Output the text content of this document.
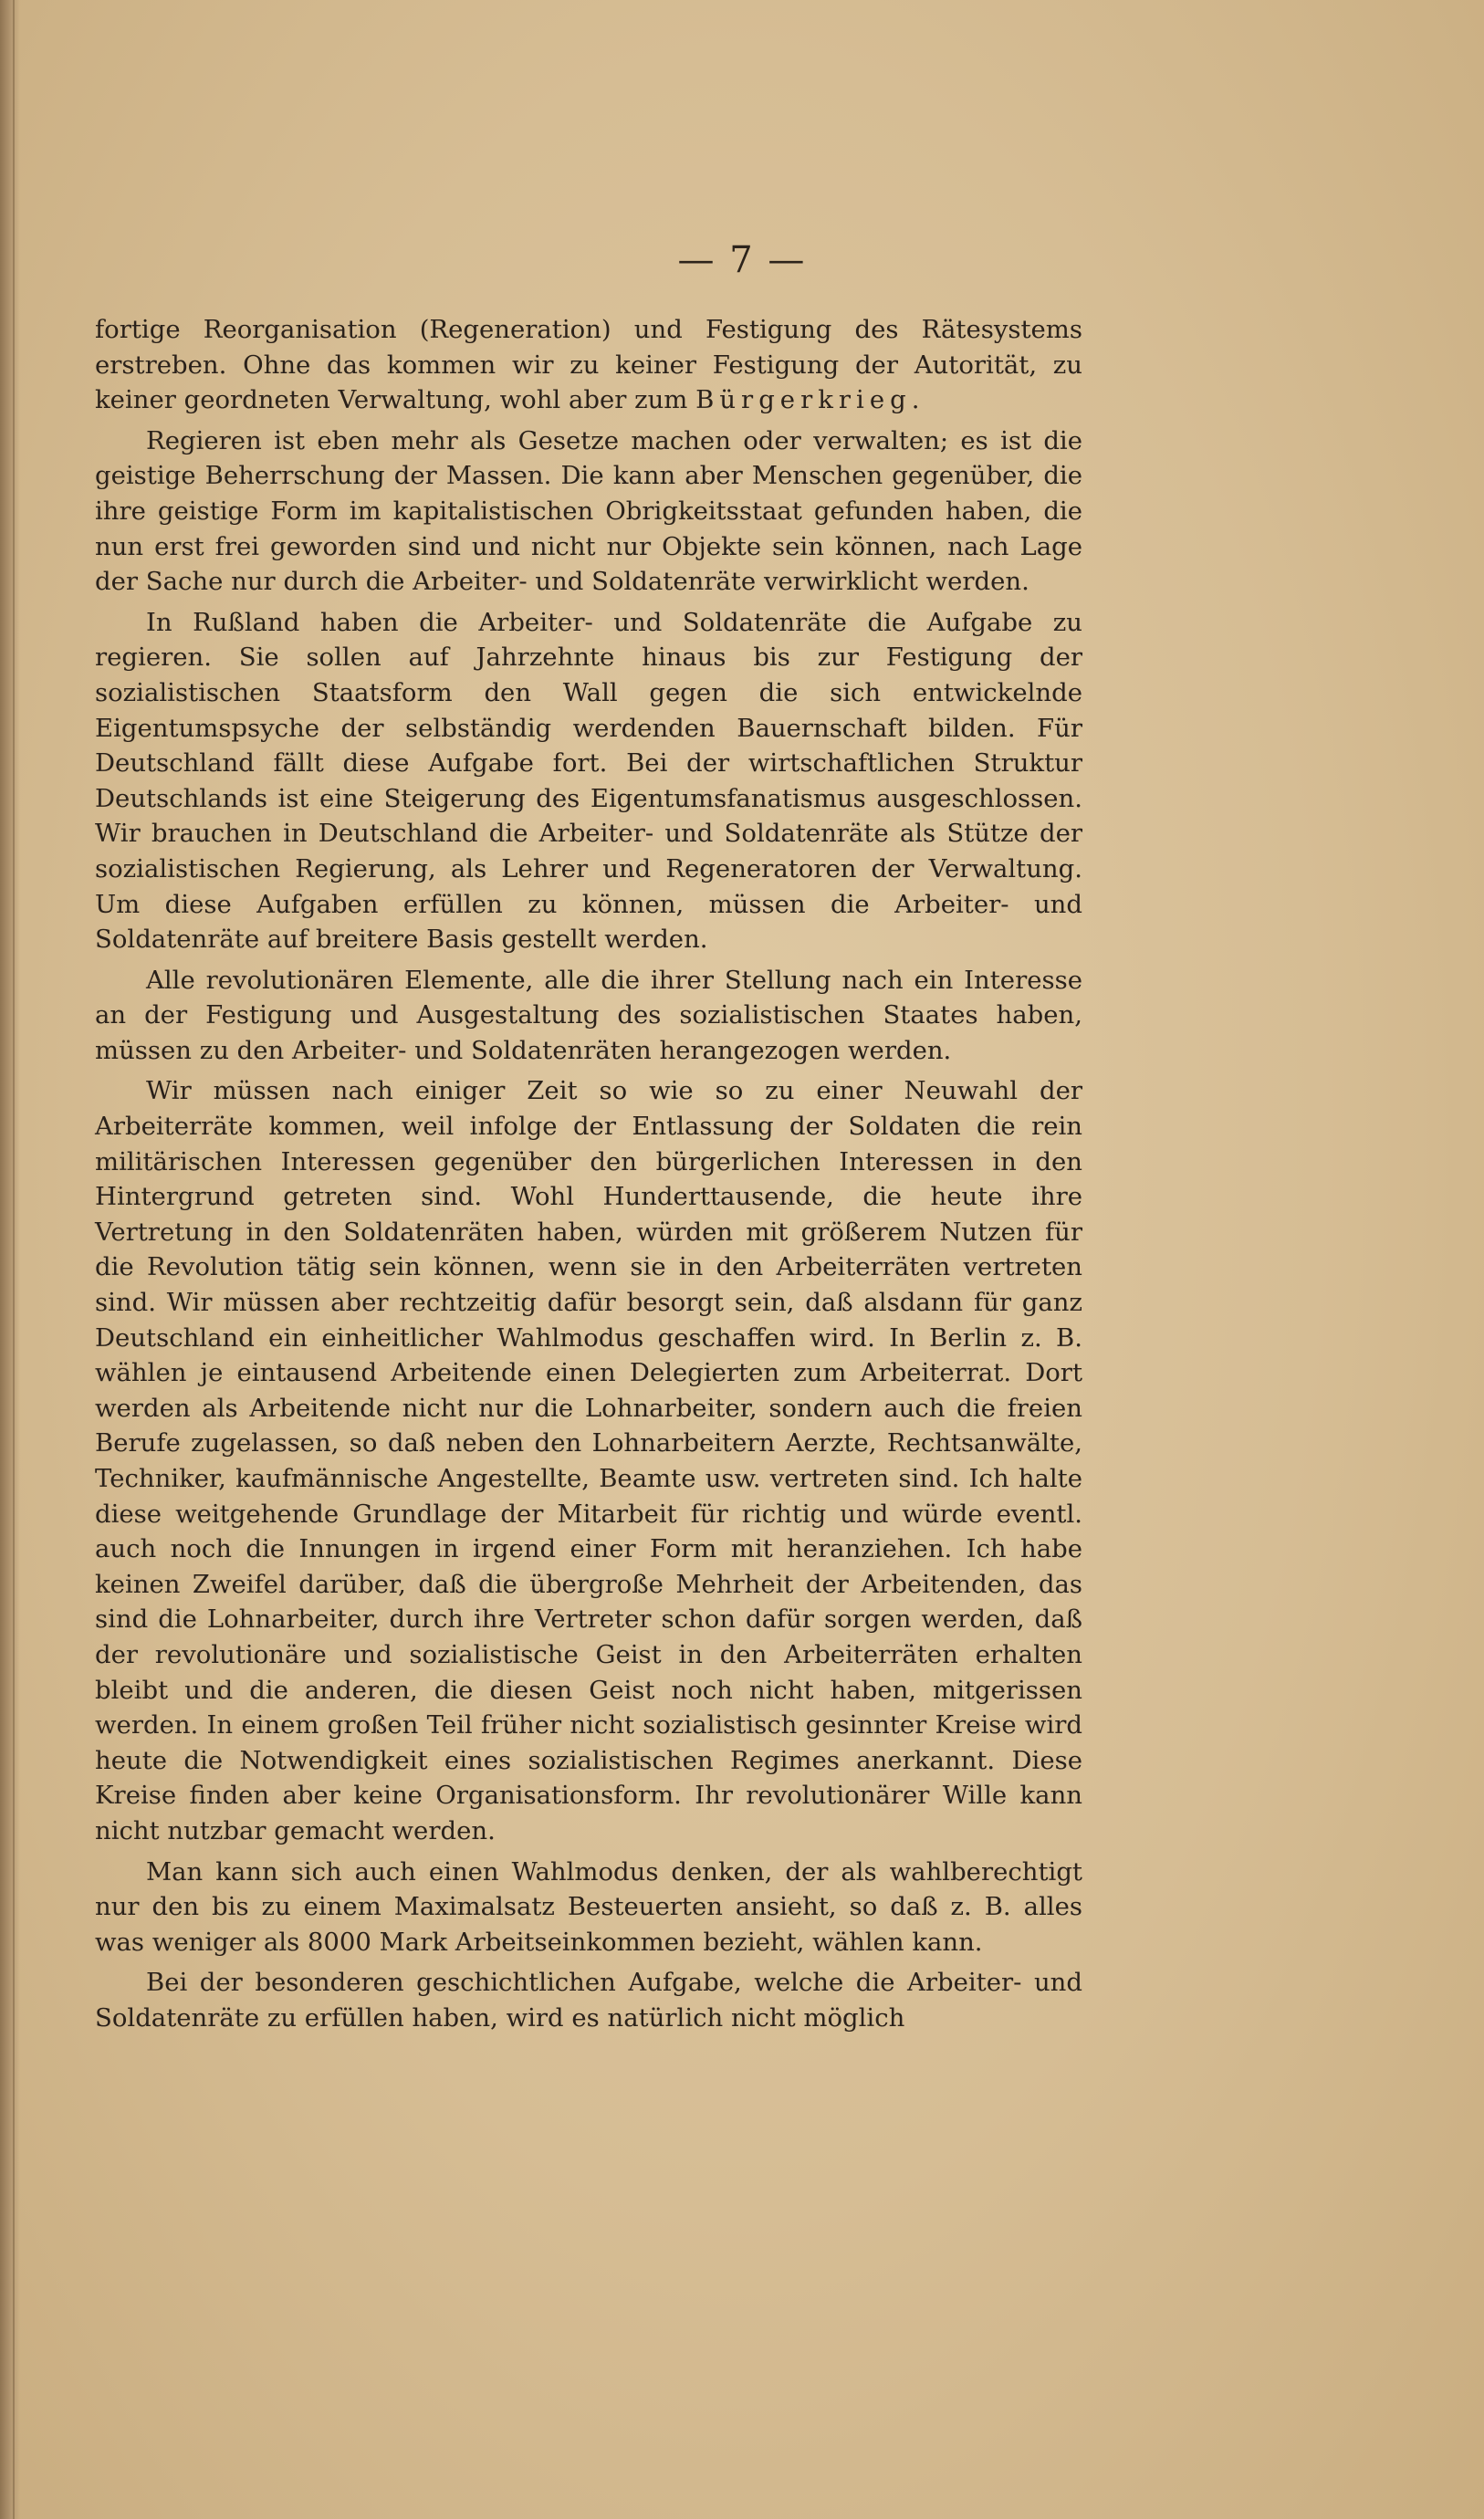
— 7 —

fortige Reorganisation (Regeneration) und Festigung des Rätesystems erstreben. Ohne das kommen wir zu keiner Festigung der Autorität, zu keiner geordneten Verwaltung, wohl aber zum Bürgerkrieg.

Regieren ist eben mehr als Gesetze machen oder verwalten; es ist die geistige Beherrschung der Massen. Die kann aber Menschen gegenüber, die ihre geistige Form im kapitalistischen Obrigkeitsstaat gefunden haben, die nun erst frei geworden sind und nicht nur Objekte sein können, nach Lage der Sache nur durch die Arbeiter- und Soldatenräte verwirklicht werden.

In Rußland haben die Arbeiter- und Soldatenräte die Aufgabe zu regieren. Sie sollen auf Jahrzehnte hinaus bis zur Festigung der sozialistischen Staatsform den Wall gegen die sich entwickelnde Eigentumspsyche der selbständig werdenden Bauernschaft bilden. Für Deutschland fällt diese Aufgabe fort. Bei der wirtschaftlichen Struktur Deutschlands ist eine Steigerung des Eigentumsfanatismus ausgeschlossen. Wir brauchen in Deutschland die Arbeiter- und Soldatenräte als Stütze der sozialistischen Regierung, als Lehrer und Regeneratoren der Verwaltung. Um diese Aufgaben erfüllen zu können, müssen die Arbeiter- und Soldatenräte auf breitere Basis gestellt werden.

Alle revolutionären Elemente, alle die ihrer Stellung nach ein Interesse an der Festigung und Ausgestaltung des sozialistischen Staates haben, müssen zu den Arbeiter- und Soldatenräten herangezogen werden.

Wir müssen nach einiger Zeit so wie so zu einer Neuwahl der Arbeiterräte kommen, weil infolge der Entlassung der Soldaten die rein militärischen Interessen gegenüber den bürgerlichen Interessen in den Hintergrund getreten sind. Wohl Hunderttausende, die heute ihre Vertretung in den Soldatenräten haben, würden mit größerem Nutzen für die Revolution tätig sein können, wenn sie in den Arbeiterräten vertreten sind. Wir müssen aber rechtzeitig dafür besorgt sein, daß alsdann für ganz Deutschland ein einheitlicher Wahlmodus geschaffen wird. In Berlin z. B. wählen je eintausend Arbeitende einen Delegierten zum Arbeiterrat. Dort werden als Arbeitende nicht nur die Lohnarbeiter, sondern auch die freien Berufe zugelassen, so daß neben den Lohnarbeitern Aerzte, Rechtsanwälte, Techniker, kaufmännische Angestellte, Beamte usw. vertreten sind. Ich halte diese weitgehende Grundlage der Mitarbeit für richtig und würde eventl. auch noch die Innungen in irgend einer Form mit heranziehen. Ich habe keinen Zweifel darüber, daß die übergroße Mehrheit der Arbeitenden, das sind die Lohnarbeiter, durch ihre Vertreter schon dafür sorgen werden, daß der revolutionäre und sozialistische Geist in den Arbeiterräten erhalten bleibt und die anderen, die diesen Geist noch nicht haben, mitgerissen werden. In einem großen Teil früher nicht sozialistisch gesinnter Kreise wird heute die Notwendigkeit eines sozialistischen Regimes anerkannt. Diese Kreise finden aber keine Organisationsform. Ihr revolutionärer Wille kann nicht nutzbar gemacht werden.

Man kann sich auch einen Wahlmodus denken, der als wahlberechtigt nur den bis zu einem Maximalsatz Besteuerten ansieht, so daß z. B. alles was weniger als 8000 Mark Arbeitseinkommen bezieht, wählen kann.

Bei der besonderen geschichtlichen Aufgabe, welche die Arbeiter- und Soldatenräte zu erfüllen haben, wird es natürlich nicht möglich
